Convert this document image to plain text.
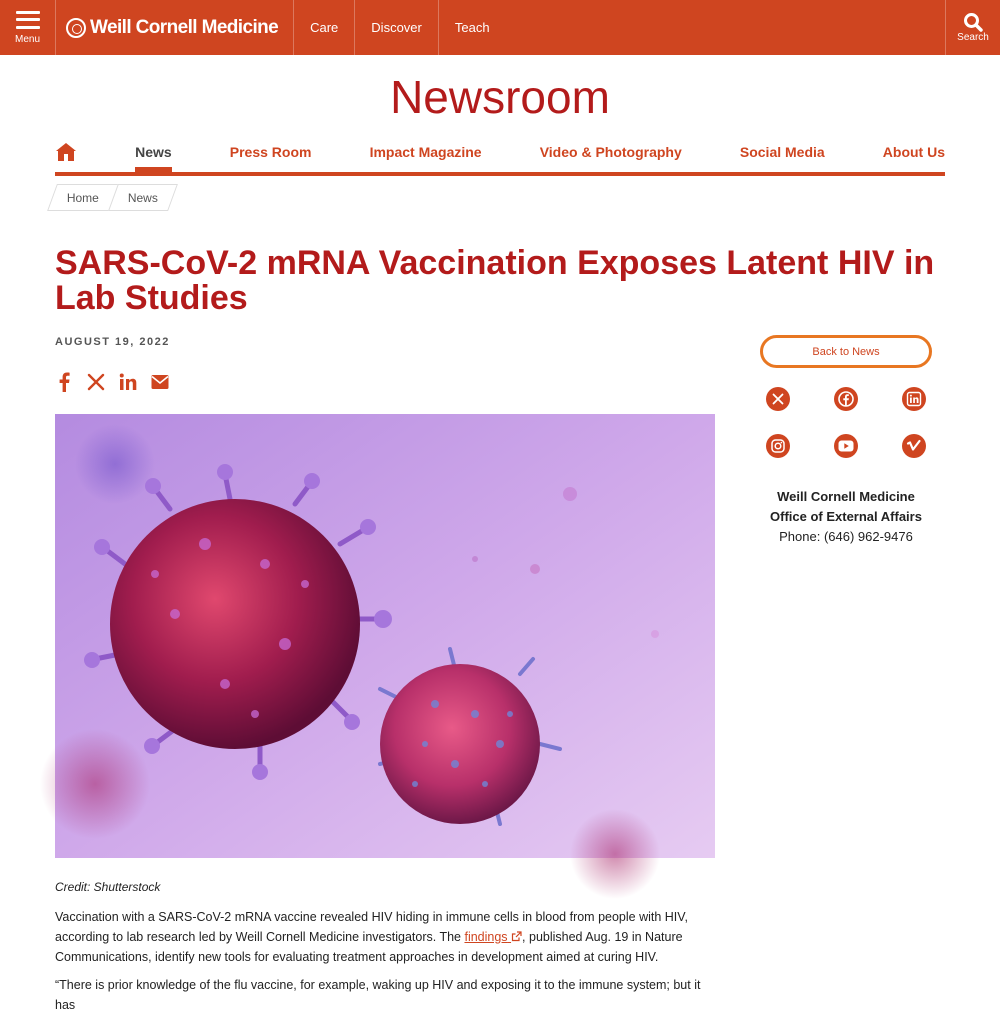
Menu
Weill Cornell Medicine	Care	Discover	Teach
Search
Newsroom
News	Press Room	Impact Magazine	Video & Photography	Social Media	About Us
Home News
SARS-CoV-2 mRNA Vaccination Exposes Latent HIV in Lab Studies
AUGUST 19, 2022
Credit: Shutterstock

Vaccination with a SARS-CoV-2 mRNA vaccine revealed HIV hiding in immune cells in blood from people with HIV, according to lab research led by Weill Cornell Medicine investigators. The findings , published Aug. 19 in Nature Communications, identify new tools for evaluating treatment approaches in development aimed at curing HIV.

“There is prior knowledge of the flu vaccine, for example, waking up HIV and exposing it to the immune system; but it has

Back to News
Weill Cornell Medicine
Office of External Affairs
Phone: (646) 962-9476
